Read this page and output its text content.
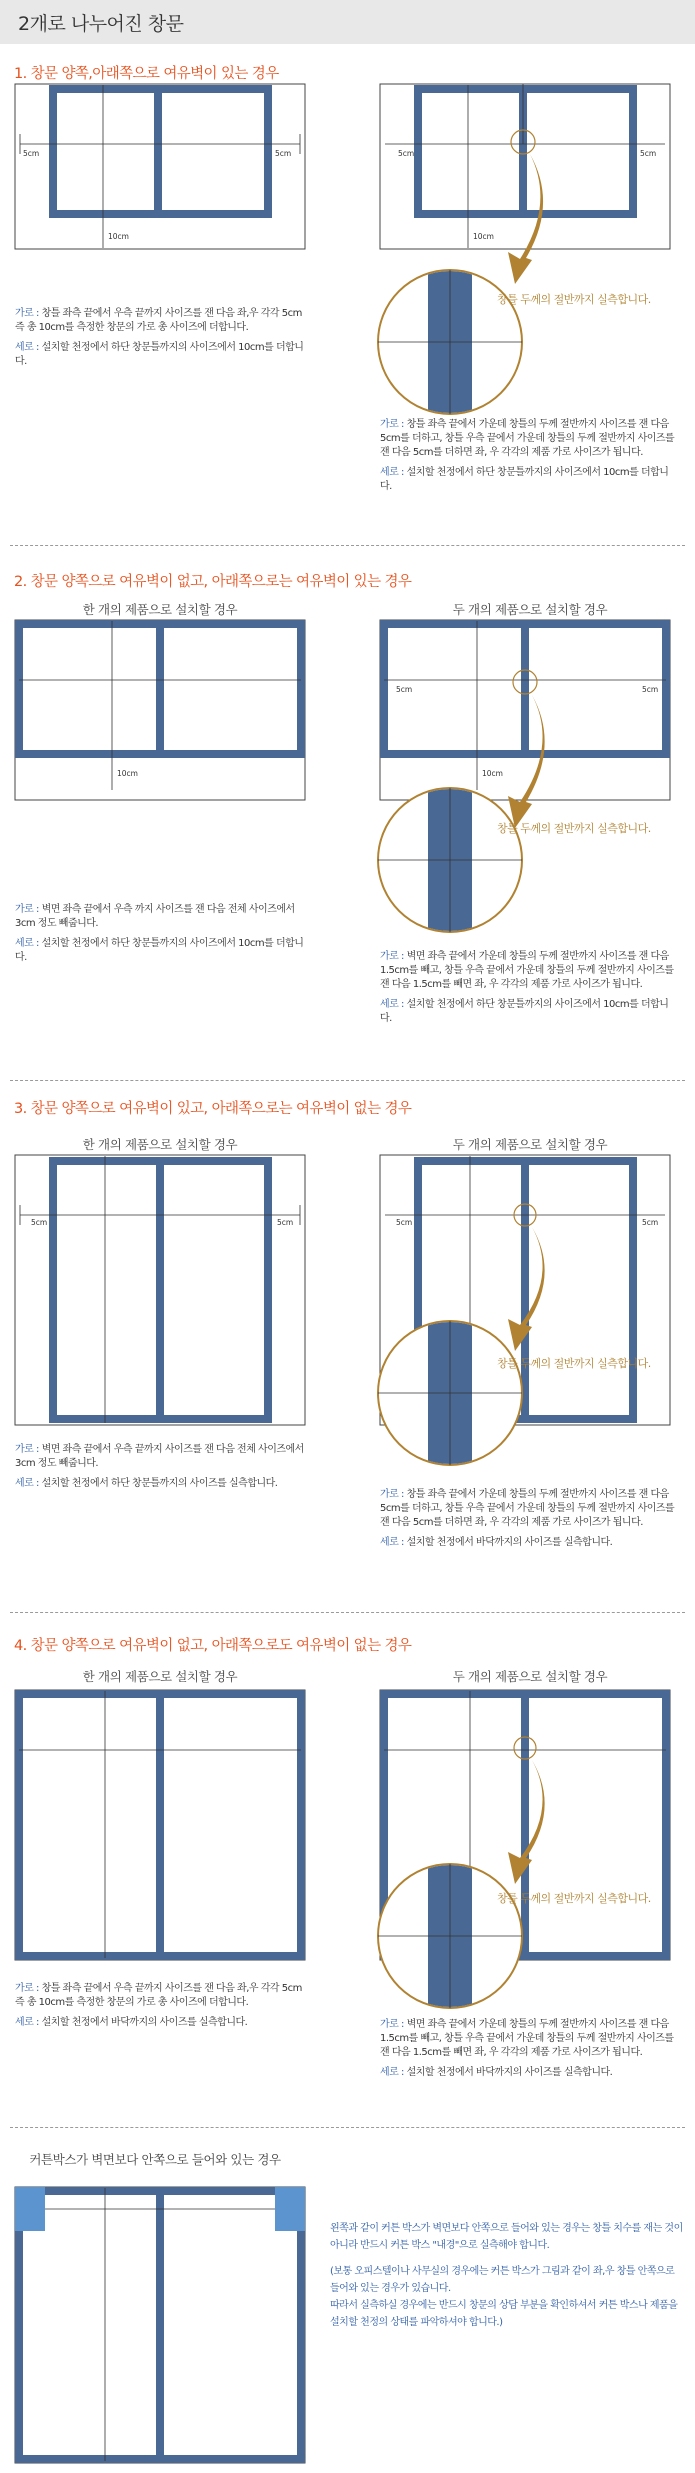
2개로 나누어진 창문
1. 창문 양쪽,아래쪽으로 여유벽이 있는 경우
5cm	5cm
10cm

가로 : 창틀 좌측 끝에서 우측 끝까지 사이즈를 잰 다음 좌,우 각각 5cm 즉 총 10cm를 측정한 창문의 가로 총 사이즈에 더합니다.

세로 : 설치할 천정에서 하단 창문틀까지의 사이즈에서 10cm를 더합니다.

5cm	5cm
10cm
창틀 두께의 절반까지 실측합니다.

가로 : 창틀 좌측 끝에서 가운데 창틀의 두께 절반까지 사이즈를 잰 다음 5cm를 더하고, 창틀 우측 끝에서 가운데 창틀의 두께 절반까지 사이즈를 잰 다음 5cm를 더하면 좌, 우 각각의 제품 가로 사이즈가 됩니다.

세로 : 설치할 천정에서 하단 창문틀까지의 사이즈에서 10cm를 더합니다.

2. 창문 양쪽으로 여유벽이 없고, 아래쪽으로는 여유벽이 있는 경우
한 개의 제품으로 설치할 경우	두 개의 제품으로 설치할 경우
10cm

가로 : 벽면 좌측 끝에서 우측 까지 사이즈를 잰 다음 전체 사이즈에서 3cm 정도 빼줍니다.

세로 : 설치할 천정에서 하단 창문틀까지의 사이즈에서 10cm를 더합니다.

5cm	5cm
10cm
창틀 두께의 절반까지 실측합니다.

가로 : 벽면 좌측 끝에서 가운데 창틀의 두께 절반까지 사이즈를 잰 다음 1.5cm를 빼고, 창틀 우측 끝에서 가운데 창틀의 두께 절반까지 사이즈를 잰 다음 1.5cm를 빼면 좌, 우 각각의 제품 가로 사이즈가 됩니다.

세로 : 설치할 천정에서 하단 창문틀까지의 사이즈에서 10cm를 더합니다.

3. 창문 양쪽으로 여유벽이 있고, 아래쪽으로는 여유벽이 없는 경우
한 개의 제품으로 설치할 경우	두 개의 제품으로 설치할 경우
5cm	5cm

가로 : 벽면 좌측 끝에서 우측 끝까지 사이즈를 잰 다음 전체 사이즈에서 3cm 정도 빼줍니다.

세로 : 설치할 천정에서 하단 창문틀까지의 사이즈를 실측합니다.

5cm	5cm
창틀 두께의 절반까지 실측합니다.

가로 : 창틀 좌측 끝에서 가운데 창틀의 두께 절반까지 사이즈를 잰 다음 5cm를 더하고, 창틀 우측 끝에서 가운데 창틀의 두께 절반까지 사이즈를 잰 다음 5cm를 더하면 좌, 우 각각의 제품 가로 사이즈가 됩니다.

세로 : 설치할 천정에서 바닥까지의 사이즈를 실측합니다.

4. 창문 양쪽으로 여유벽이 없고, 아래쪽으로도 여유벽이 없는 경우
한 개의 제품으로 설치할 경우	두 개의 제품으로 설치할 경우

가로 : 창틀 좌측 끝에서 우측 끝까지 사이즈를 잰 다음 좌,우 각각 5cm 즉 총 10cm를 측정한 창문의 가로 총 사이즈에 더합니다.

세로 : 설치할 천정에서 바닥까지의 사이즈를 실측합니다.

창틀 두께의 절반까지 실측합니다.

가로 : 벽면 좌측 끝에서 가운데 창틀의 두께 절반까지 사이즈를 잰 다음 1.5cm를 빼고, 창틀 우측 끝에서 가운데 창틀의 두께 절반까지 사이즈를 잰 다음 1.5cm를 빼면 좌, 우 각각의 제품 가로 사이즈가 됩니다.

세로 : 설치할 천정에서 바닥까지의 사이즈를 실측합니다.

커튼박스가 벽면보다 안쪽으로 들어와 있는 경우

왼쪽과 같이 커튼 박스가 벽면보다 안쪽으로 들어와 있는 경우는 창틀 치수를 재는 것이 아니라 반드시 커튼 박스 "내경"으로 실측해야 합니다.

(보통 오피스텔이나 사무실의 경우에는 커튼 박스가 그림과 같이 좌,우 창틀 안쪽으로 들어와 있는 경우가 있습니다.

따라서 실측하실 경우에는 반드시 창문의 상담 부분을 확인하셔서 커튼 박스나 제품을 설치할 천정의 상태를 파악하셔야 합니다.)
